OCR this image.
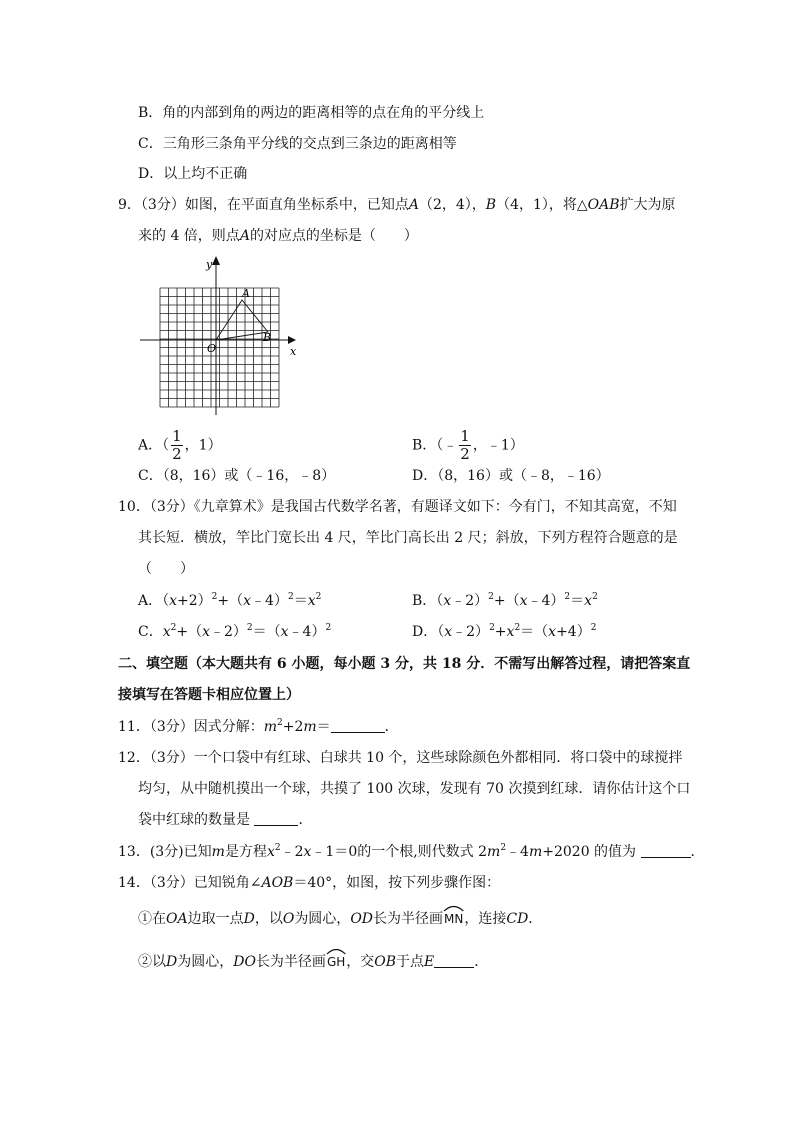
B．角的内部到角的两边的距离相等的点在角的平分线上
C．三角形三条角平分线的交点到三条边的距离相等
D．以上均不正确
9．（3分）如图，在平面直角坐标系中，已知点A（2，4），B（4，1），将△OAB扩大为原
来的 4 倍，则点A的对应点的坐标是（　　）
y
x
O
A
B
A．（ $\frac{1}{2}$ ，1）	B．（﹣ $\frac{1}{2}$ ，﹣1）
C．（8，16）或（﹣16，﹣8）	D．（8，16）或（﹣8，﹣16）
10．（3分）《九章算术》是我国古代数学名著，有题译文如下：今有门，不知其高宽，不知
其长短．横放，竿比门宽长出 4 尺，竿比门高长出 2 尺；斜放，下列方程符合题意的是
（　　）
A．$(x+2)^2+(x﹣4)^2=x^2$	B．$(x﹣2)^2+(x﹣4)^2=x^2$
C．$x^2+(x﹣2)^2=(x﹣4)^2$	D．$(x﹣2)^2+x^2=(x+4)^2$
二、填空题（本大题共有 6 小题，每小题 3 分，共 18 分．不需写出解答过程，请把答案直
接填写在答题卡相应位置上）
11．（3分）因式分解：$m^2+2m=$	．
12．（3分）一个口袋中有红球、白球共 10 个，这些球除颜色外都相同．将口袋中的球搅拌
均匀，从中随机摸出一个球，共摸了 100 次球，发现有 70 次摸到红球．请你估计这个口
袋中红球的数量是	．
13．(3分)已知m是方程$x^2﹣2x﹣1=0$的一个根,则代数式 $2m^2﹣4m+2020$ 的值为	．
14．（3分）已知锐角∠AOB＝40°，如图，按下列步骤作图：
①在OA边取一点D，以O为圆心，OD长为半径画
MN，连接CD．
②以D为圆心，DO长为半径画
GH，交OB于点E	．
